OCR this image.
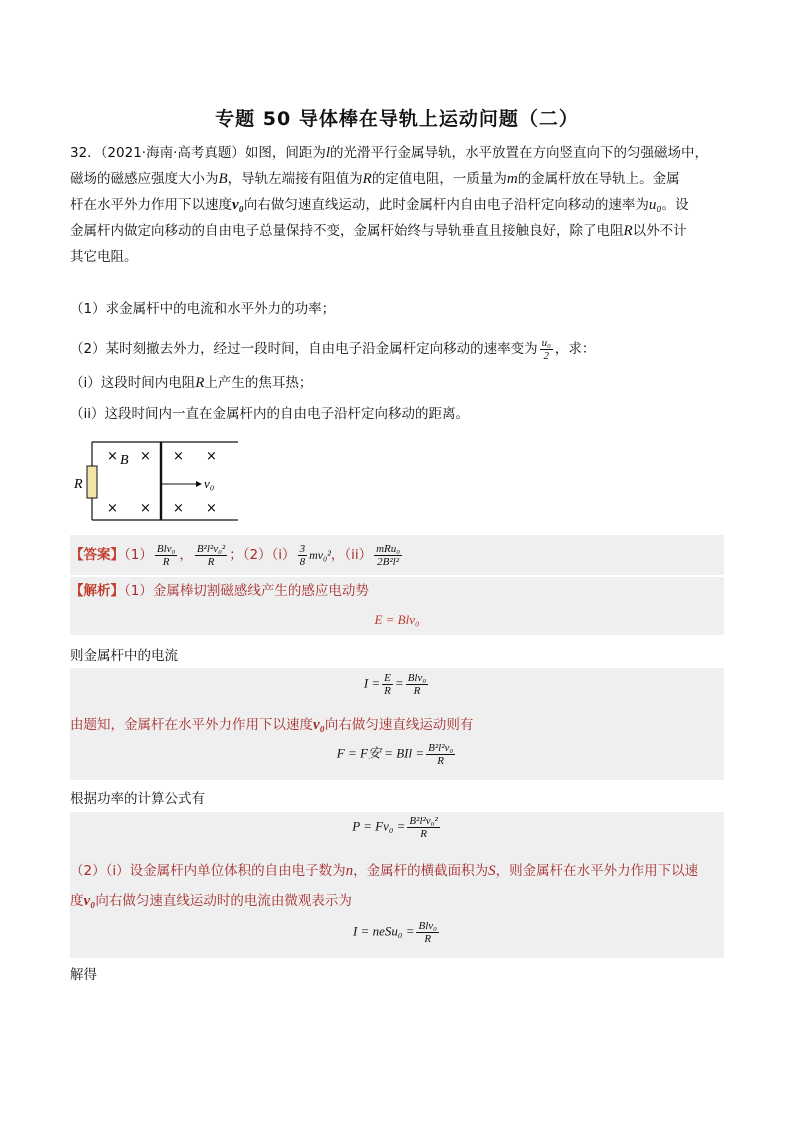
专题 50 导体棒在导轨上运动问题（二）
32．（2021·海南·高考真题）如图，间距为l的光滑平行金属导轨，水平放置在方向竖直向下的匀强磁场中，
磁场的磁感应强度大小为B，导轨左端接有阻值为R的定值电阻，一质量为m的金属杆放在导轨上。金属
杆在水平外力作用下以速度v₀向右做匀速直线运动，此时金属杆内自由电子沿杆定向移动的速率为u₀。设
金属杆内做定向移动的自由电子总量保持不变，金属杆始终与导轨垂直且接触良好，除了电阻R以外不计
其它电阻。
（1）求金属杆中的电流和水平外力的功率；
（2）某时刻撤去外力，经过一段时间，自由电子沿金属杆定向移动的速率变为 $\frac{\text{u₀}}{2}$ ，求：
（i）这段时间内电阻R上产生的焦耳热；
（ii）这段时间内一直在金属杆内的自由电子沿杆定向移动的距离。
× × × ×
× × × ×
B
R	v₀
【答案】$(1) \frac{\text{Blv₀}}{R}$ ， $\frac{\text{B²l²v₀²}}{R}$ ；$(2)(i) \frac{3}{8} mv_0^2$，$(ii) \frac{\text{mRu₀}}{\text{2B²l²}}$
【解析】（1）金属棒切割磁感线产生的感应电动势
E = Blv₀
则金属杆中的电流
$I = \frac{E}{R} = \frac{\text{Blv₀}}{R}$
由题知，金属杆在水平外力作用下以速度v₀向右做匀速直线运动则有
F = F安 = BIl = $\frac{\text{B²l²v₀}}{R}$
根据功率的计算公式有
$P = Fv_0 = \frac{\text{B²l²v₀²}}{R}$
（2）（i）设金属杆内单位体积的自由电子数为n，金属杆的横截面积为S，则金属杆在水平外力作用下以速
度v₀向右做匀速直线运动时的电流由微观表示为
I = neSu₀ = $\frac{\text{Blv₀}}{R}$
解得
